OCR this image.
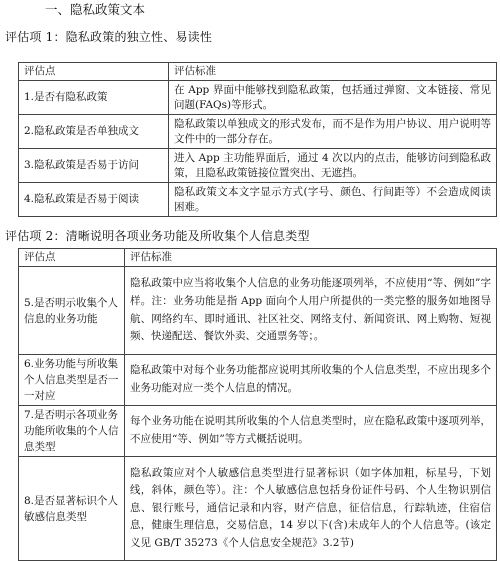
一、隐私政策文本
评估项 1：隐私政策的独立性、易读性
评估点	评估标准
1.是否有隐私政策	在 App 界面中能够找到隐私政策，包括通过弹窗、文本链接、常见问题(FAQs)等形式。
2.隐私政策是否单独成文	隐私政策以单独成文的形式发布，而不是作为用户协议、用户说明等文件中的一部分存在。
3.隐私政策是否易于访问	进入 App 主功能界面后，通过 4 次以内的点击，能够访问到隐私政策，且隐私政策链接位置突出、无遮挡。
4.隐私政策是否易于阅读	隐私政策文本文字显示方式(字号、颜色、行间距等）不会造成阅读困难。
评估项 2：清晰说明各项业务功能及所收集个人信息类型
评估点	评估标准
5.是否明示收集个人信息的业务功能	隐私政策中应当将收集个人信息的业务功能逐项列举，不应使用“等、例如”字样。注：业务功能是指 App 面向个人用户所提供的一类完整的服务如地图导航、网络约车、即时通讯、社区社交、网络支付、新闻资讯、网上购物、短视频、快递配送、餐饮外卖、交通票务等；。
6.业务功能与所收集个人信息类型是否一一对应	隐私政策中对每个业务功能都应说明其所收集的个人信息类型，不应出现多个业务功能对应一类个人信息的情况。
7.是否明示各项业务功能所收集的个人信息类型	每个业务功能在说明其所收集的个人信息类型时，应在隐私政策中逐项列举，不应使用“等、例如”等方式概括说明。
8.是否显著标识个人敏感信息类型	隐私政策应对个人敏感信息类型进行显著标识（如字体加粗，标星号，下划线，斜体，颜色等）。注：个人敏感信息包括身份证件号码、个人生物识别信息、银行账号，通信记录和内容，财产信息，征信信息，行踪轨迹，住宿信息，健康生理信息，交易信息，14 岁以下(含)未成年人的个人信息等。(该定义见 GB/T 35273《个人信息安全规范》3.2节)
